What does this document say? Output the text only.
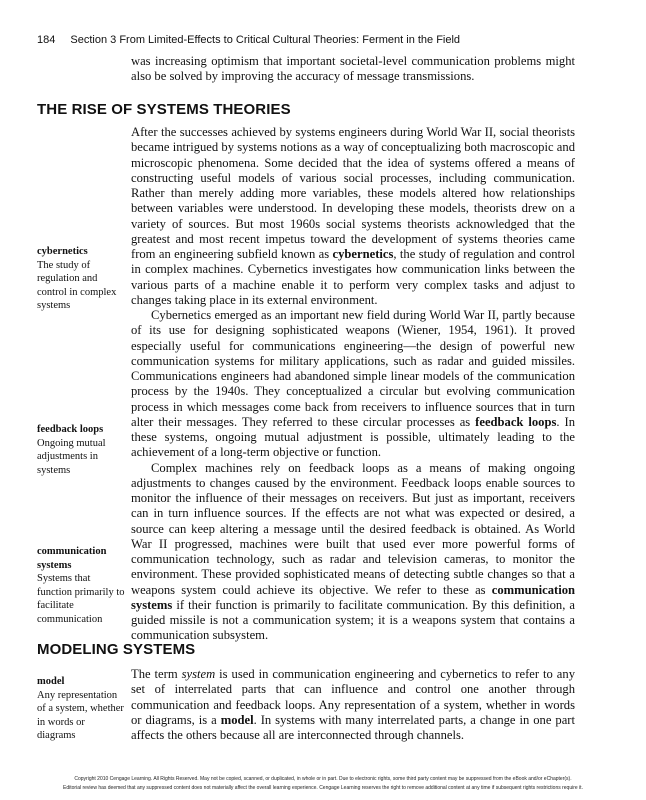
184 Section 3 From Limited-Effects to Critical Cultural Theories: Ferment in the Field

was increasing optimism that important societal-level communication problems might also be solved by improving the accuracy of message transmissions.

THE RISE OF SYSTEMS THEORIES

After the successes achieved by systems engineers during World War II, social theorists became intrigued by systems notions as a way of conceptualizing both macroscopic and microscopic phenomena. Some decided that the idea of systems offered a means of constructing useful models of various social processes, including communication. Rather than merely adding more variables, these models altered how relationships between variables were understood. In developing these models, theorists drew on a variety of sources. But most 1960s social systems theorists acknowledged that the greatest and most recent impetus toward the development of systems theories came from an engineering subfield known as cybernetics, the study of regulation and control in complex machines. Cybernetics investigates how communication links between the various parts of a machine enable it to perform very complex tasks and adjust to changes taking place in its external environment.

Cybernetics emerged as an important new field during World War II, partly because of its use for designing sophisticated weapons (Wiener, 1954, 1961). It proved especially useful for communications engineering—the design of powerful new communication systems for military applications, such as radar and guided missiles. Communications engineers had abandoned simple linear models of the communication process by the 1940s. They conceptualized a circular but evolving communication process in which messages come back from receivers to influence sources that in turn alter their messages. They referred to these circular processes as feedback loops. In these systems, ongoing mutual adjustment is possible, ultimately leading to the achievement of a long-term objective or function.

Complex machines rely on feedback loops as a means of making ongoing adjustments to changes caused by the environment. Feedback loops enable sources to monitor the influence of their messages on receivers. But just as important, receivers can in turn influence sources. If the effects are not what was expected or desired, a source can keep altering a message until the desired feedback is obtained. As World War II progressed, machines were built that used ever more powerful forms of communication technology, such as radar and television cameras, to monitor the environment. These provided sophisticated means of detecting subtle changes so that a weapons system could achieve its objective. We refer to these as communication systems if their function is primarily to facilitate communication. By this definition, a guided missile is not a communication system; it is a weapons system that contains a communication subsystem.

cybernetics
The study of regulation and control in complex systems
feedback loops
Ongoing mutual adjustments in systems
communication systems
Systems that function primarily to facilitate communication
MODELING SYSTEMS

The term system is used in communication engineering and cybernetics to refer to any set of interrelated parts that can influence and control one another through communication and feedback loops. Any representation of a system, whether in words or diagrams, is a model. In systems with many interrelated parts, a change in one part affects the others because all are interconnected through channels.

model
Any representation of a system, whether in words or diagrams
Copyright 2010 Cengage Learning. All Rights Reserved. May not be copied, scanned, or duplicated, in whole or in part. Due to electronic rights, some third party content may be suppressed from the eBook and/or eChapter(s).
Editorial review has deemed that any suppressed content does not materially affect the overall learning experience. Cengage Learning reserves the right to remove additional content at any time if subsequent rights restrictions require it.
